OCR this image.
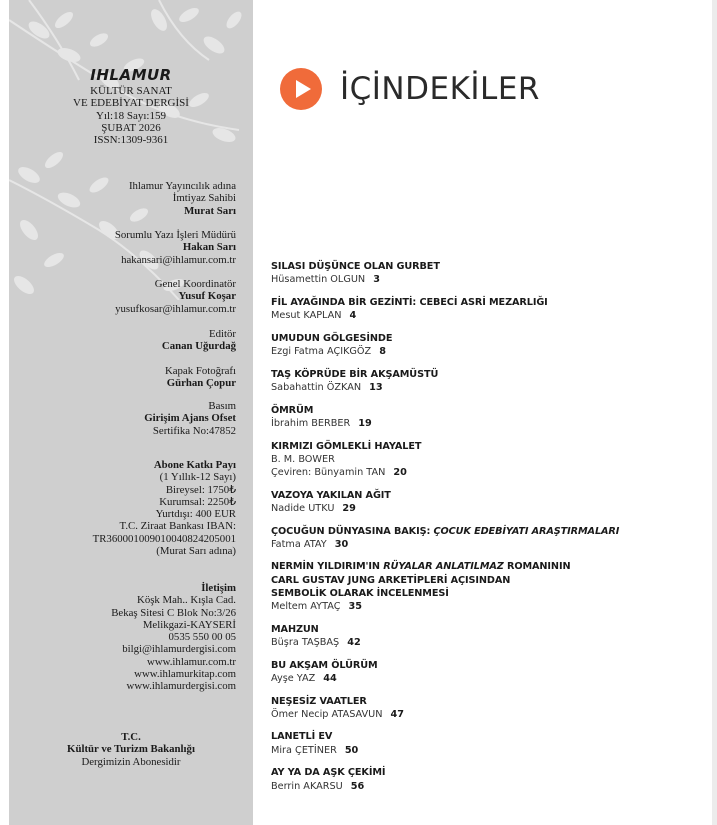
IHLAMUR
KÜLTÜR SANAT
VE EDEBİYAT DERGİSİ
Yıl:18 Sayı:159
ŞUBAT 2026
ISSN:1309-9361
Ihlamur Yayıncılık adına
İmtiyaz Sahibi
Murat Sarı
Sorumlu Yazı İşleri Müdürü
Hakan Sarı
hakansari@ihlamur.com.tr
Genel Koordinatör
Yusuf Koşar
yusufkosar@ihlamur.com.tr
Editör
Canan Uğurdağ
Kapak Fotoğrafı
Gürhan Çopur
Basım
Girişim Ajans Ofset
Sertifika No:47852
Abone Katkı Payı
(1 Yıllık-12 Sayı)
Bireysel: 1750₺
Kurumsal: 2250₺
Yurtdışı: 400 EUR
T.C. Ziraat Bankası IBAN:
TR360001009010040824205001
(Murat Sarı adına)
İletişim
Köşk Mah.. Kışla Cad.
Bekaş Sitesi C Blok No:3/26
Melikgazi-KAYSERİ
0535 550 00 05
bilgi@ihlamurdergisi.com
www.ihlamur.com.tr
www.ihlamurkitap.com
www.ihlamurdergisi.com
T.C.
Kültür ve Turizm Bakanlığı
Dergimizin Abonesidir
İÇİNDEKİLER
SILASI DÜŞÜNCE OLAN GURBET
Hüsamettin OLGUN 3
FİL AYAĞINDA BİR GEZİNTİ: CEBECİ ASRİ MEZARLIĞI
Mesut KAPLAN 4
UMUDUN GÖLGESİNDE
Ezgi Fatma AÇIKGÖZ 8
TAŞ KÖPRÜDE BİR AKŞAMÜSTÜ
Sabahattin ÖZKAN 13
ÖMRÜM
İbrahim BERBER 19
KIRMIZI GÖMLEKLİ HAYALET
B. M. BOWER
Çeviren: Bünyamin TAN 20
VAZOYA YAKILAN AĞIT
Nadide UTKU 29
ÇOCUĞUN DÜNYASINA BAKIŞ: ÇOCUK EDEBİYATI ARAŞTIRMALARI
Fatma ATAY 30
NERMİN YILDIRIM'IN RÜYALAR ANLATILMAZ ROMANININ
CARL GUSTAV JUNG ARKETİPLERİ AÇISINDAN
SEMBOLİK OLARAK İNCELENMESİ
Meltem AYTAÇ 35
MAHZUN
Büşra TAŞBAŞ 42
BU AKŞAM ÖLÜRÜM
Ayşe YAZ 44
NEŞESİZ VAATLER
Ömer Necip ATASAVUN 47
LANETLİ EV
Mira ÇETİNER 50
AY YA DA AŞK ÇEKİMİ
Berrin AKARSU 56
